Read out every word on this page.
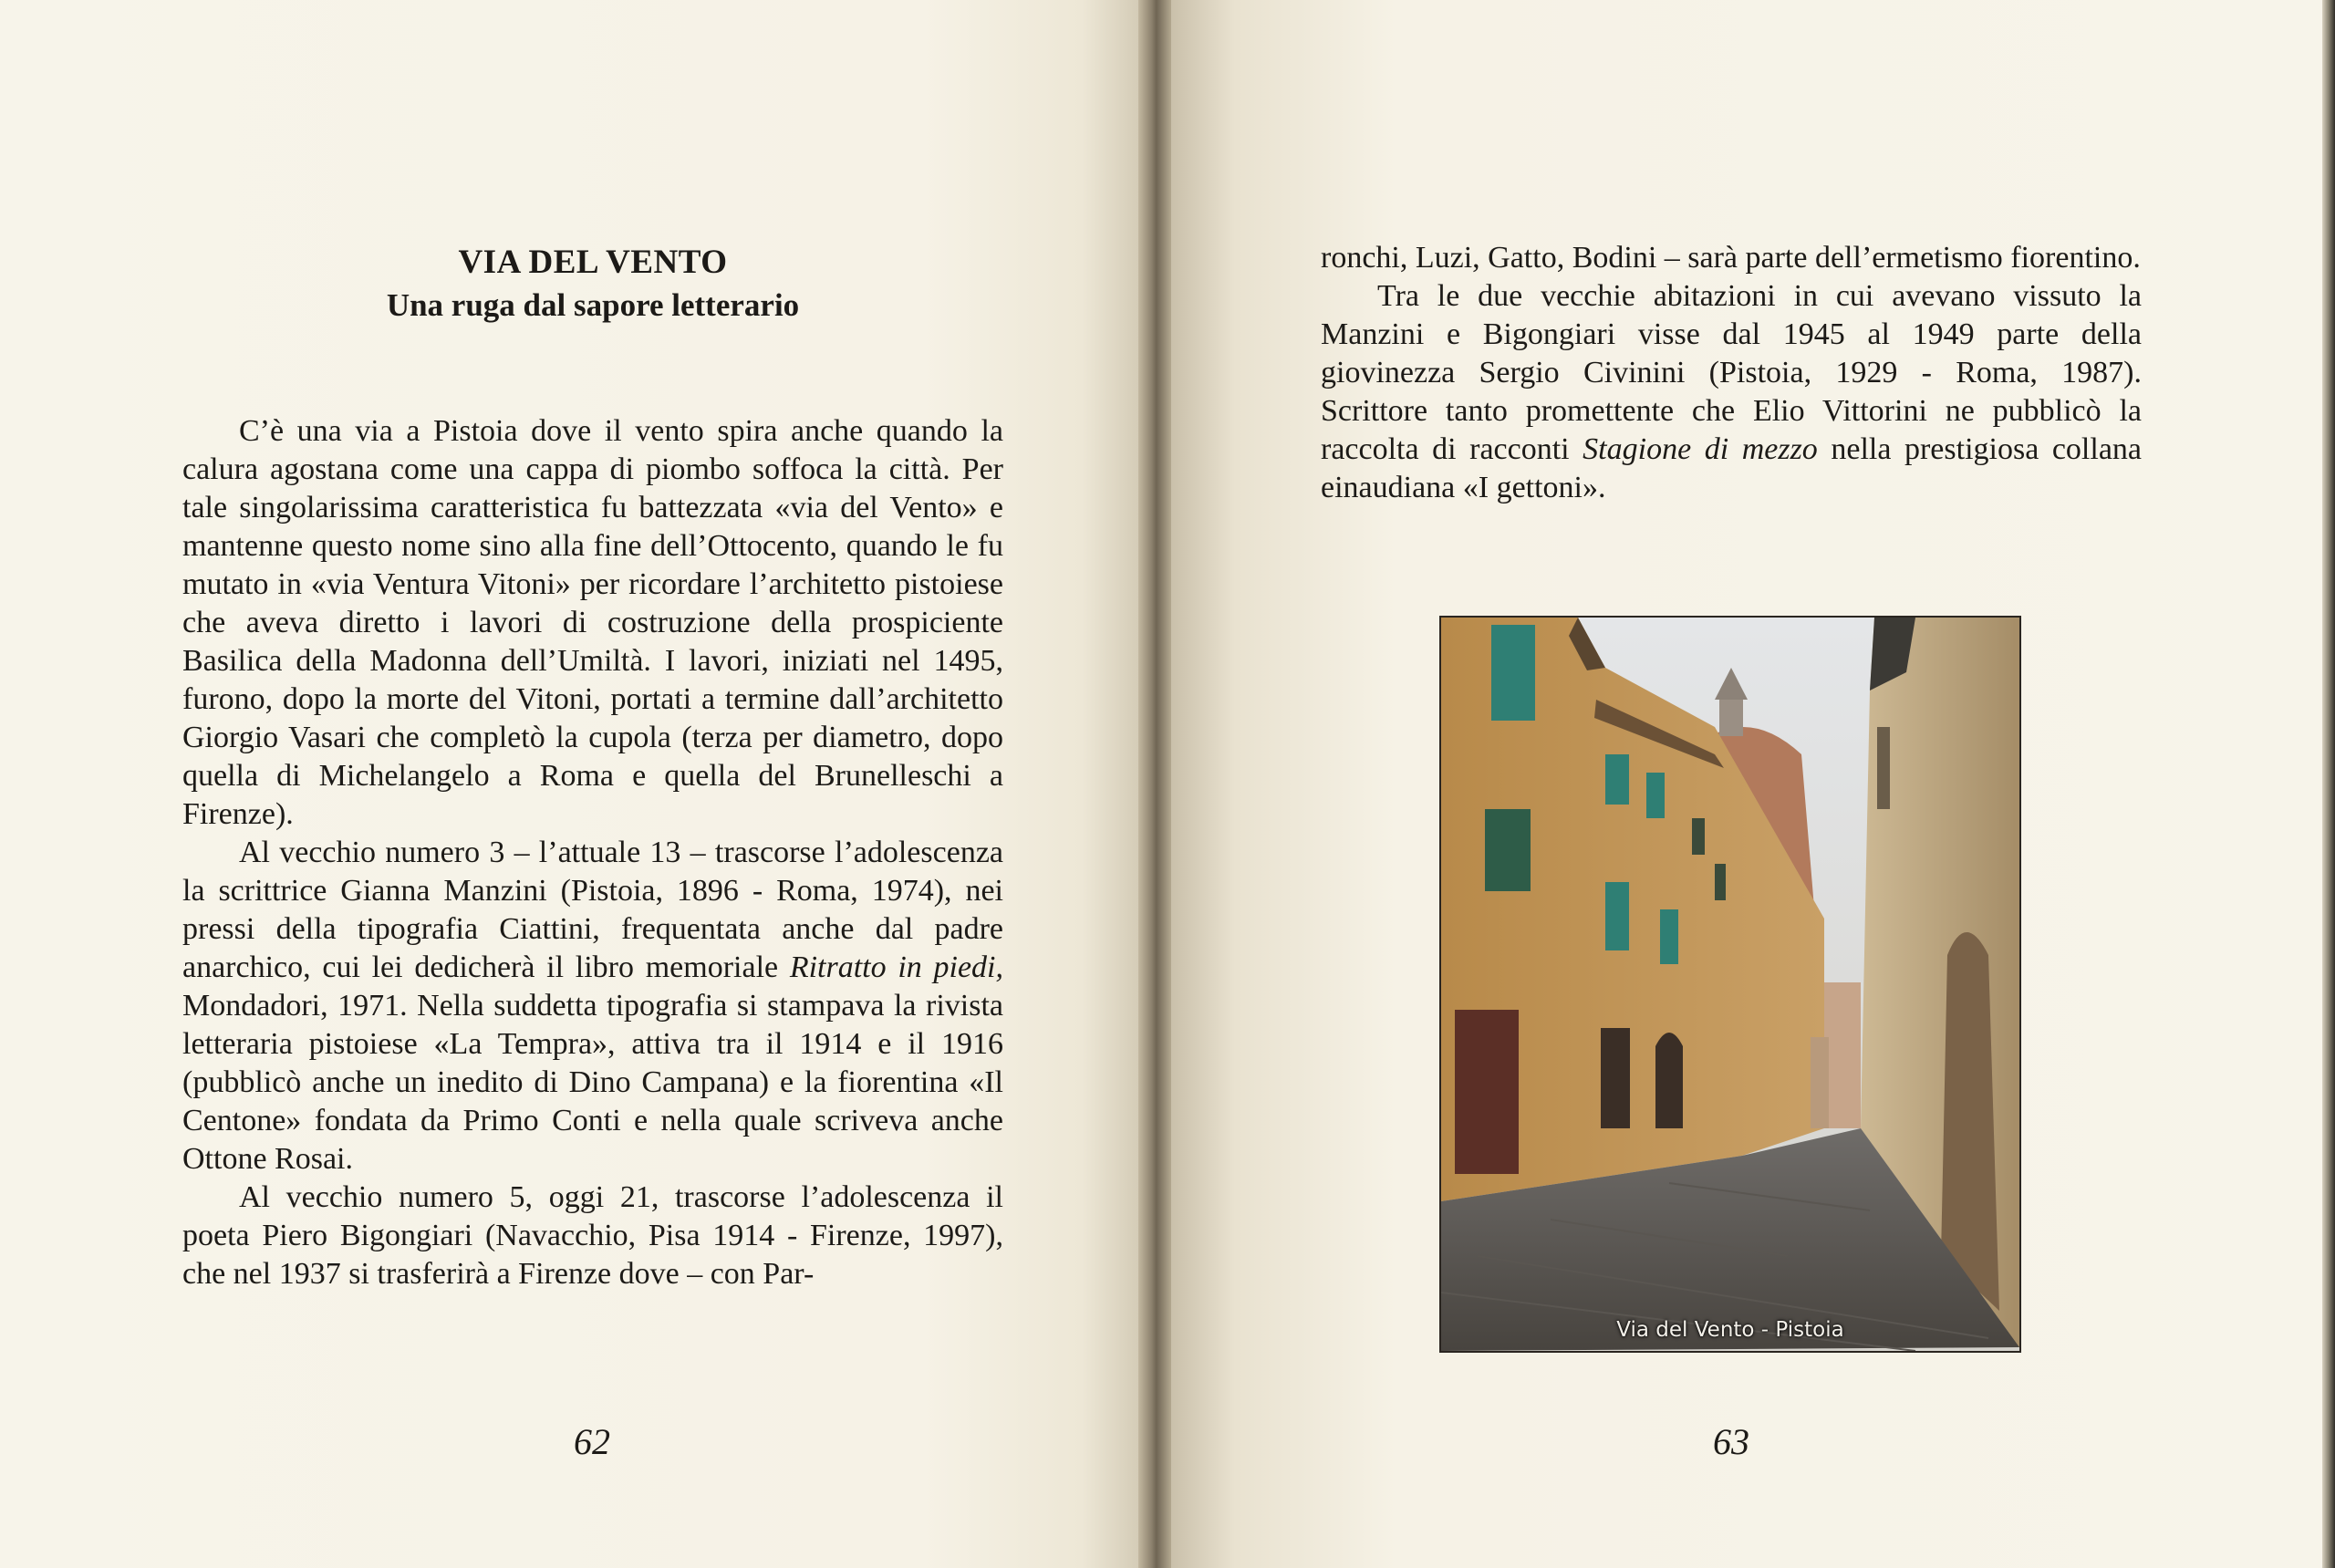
VIA DEL VENTO
Una ruga dal sapore letterario

C’è una via a Pistoia dove il vento spira anche quando la calura agostana come una cappa di piombo soffoca la città. Per tale singolarissima caratteristica fu battezzata «via del Vento» e mantenne questo nome sino alla fine dell’Ottocento, quando le fu mutato in «via Ventura Vitoni» per ricordare l’architetto pistoiese che aveva diretto i lavori di costruzione della prospiciente Basilica della Madonna dell’Umiltà. I lavori, iniziati nel 1495, furono, dopo la morte del Vitoni, portati a termine dall’architetto Giorgio Vasari che completò la cupola (terza per diametro, dopo quella di Michelangelo a Roma e quella del Brunelleschi a Firenze).

Al vecchio numero 3 – l’attuale 13 – trascorse l’adolescenza la scrittrice Gianna Manzini (Pistoia, 1896 - Roma, 1974), nei pressi della tipografia Ciattini, frequentata anche dal padre anarchico, cui lei dedicherà il libro memoriale Ritratto in piedi, Mondadori, 1971. Nella suddetta tipografia si stampava la rivista letteraria pistoiese «La Tempra», attiva tra il 1914 e il 1916 (pubblicò anche un inedito di Dino Campana) e la fiorentina «Il Centone» fondata da Primo Conti e nella quale scriveva anche Ottone Rosai.

Al vecchio numero 5, oggi 21, trascorse l’adolescenza il poeta Piero Bigongiari (Navacchio, Pisa 1914 - Firenze, 1997), che nel 1937 si trasferirà a Firenze dove – con Par-

62

ronchi, Luzi, Gatto, Bodini – sarà parte dell’ermetismo fiorentino.

Tra le due vecchie abitazioni in cui avevano vissuto la Manzini e Bigongiari visse dal 1945 al 1949 parte della giovinezza Sergio Civinini (Pistoia, 1929 - Roma, 1987). Scrittore tanto promettente che Elio Vittorini ne pubblicò la raccolta di racconti Stagione di mezzo nella prestigiosa collana einaudiana «I gettoni».

Via del Vento - Pistoia
63
